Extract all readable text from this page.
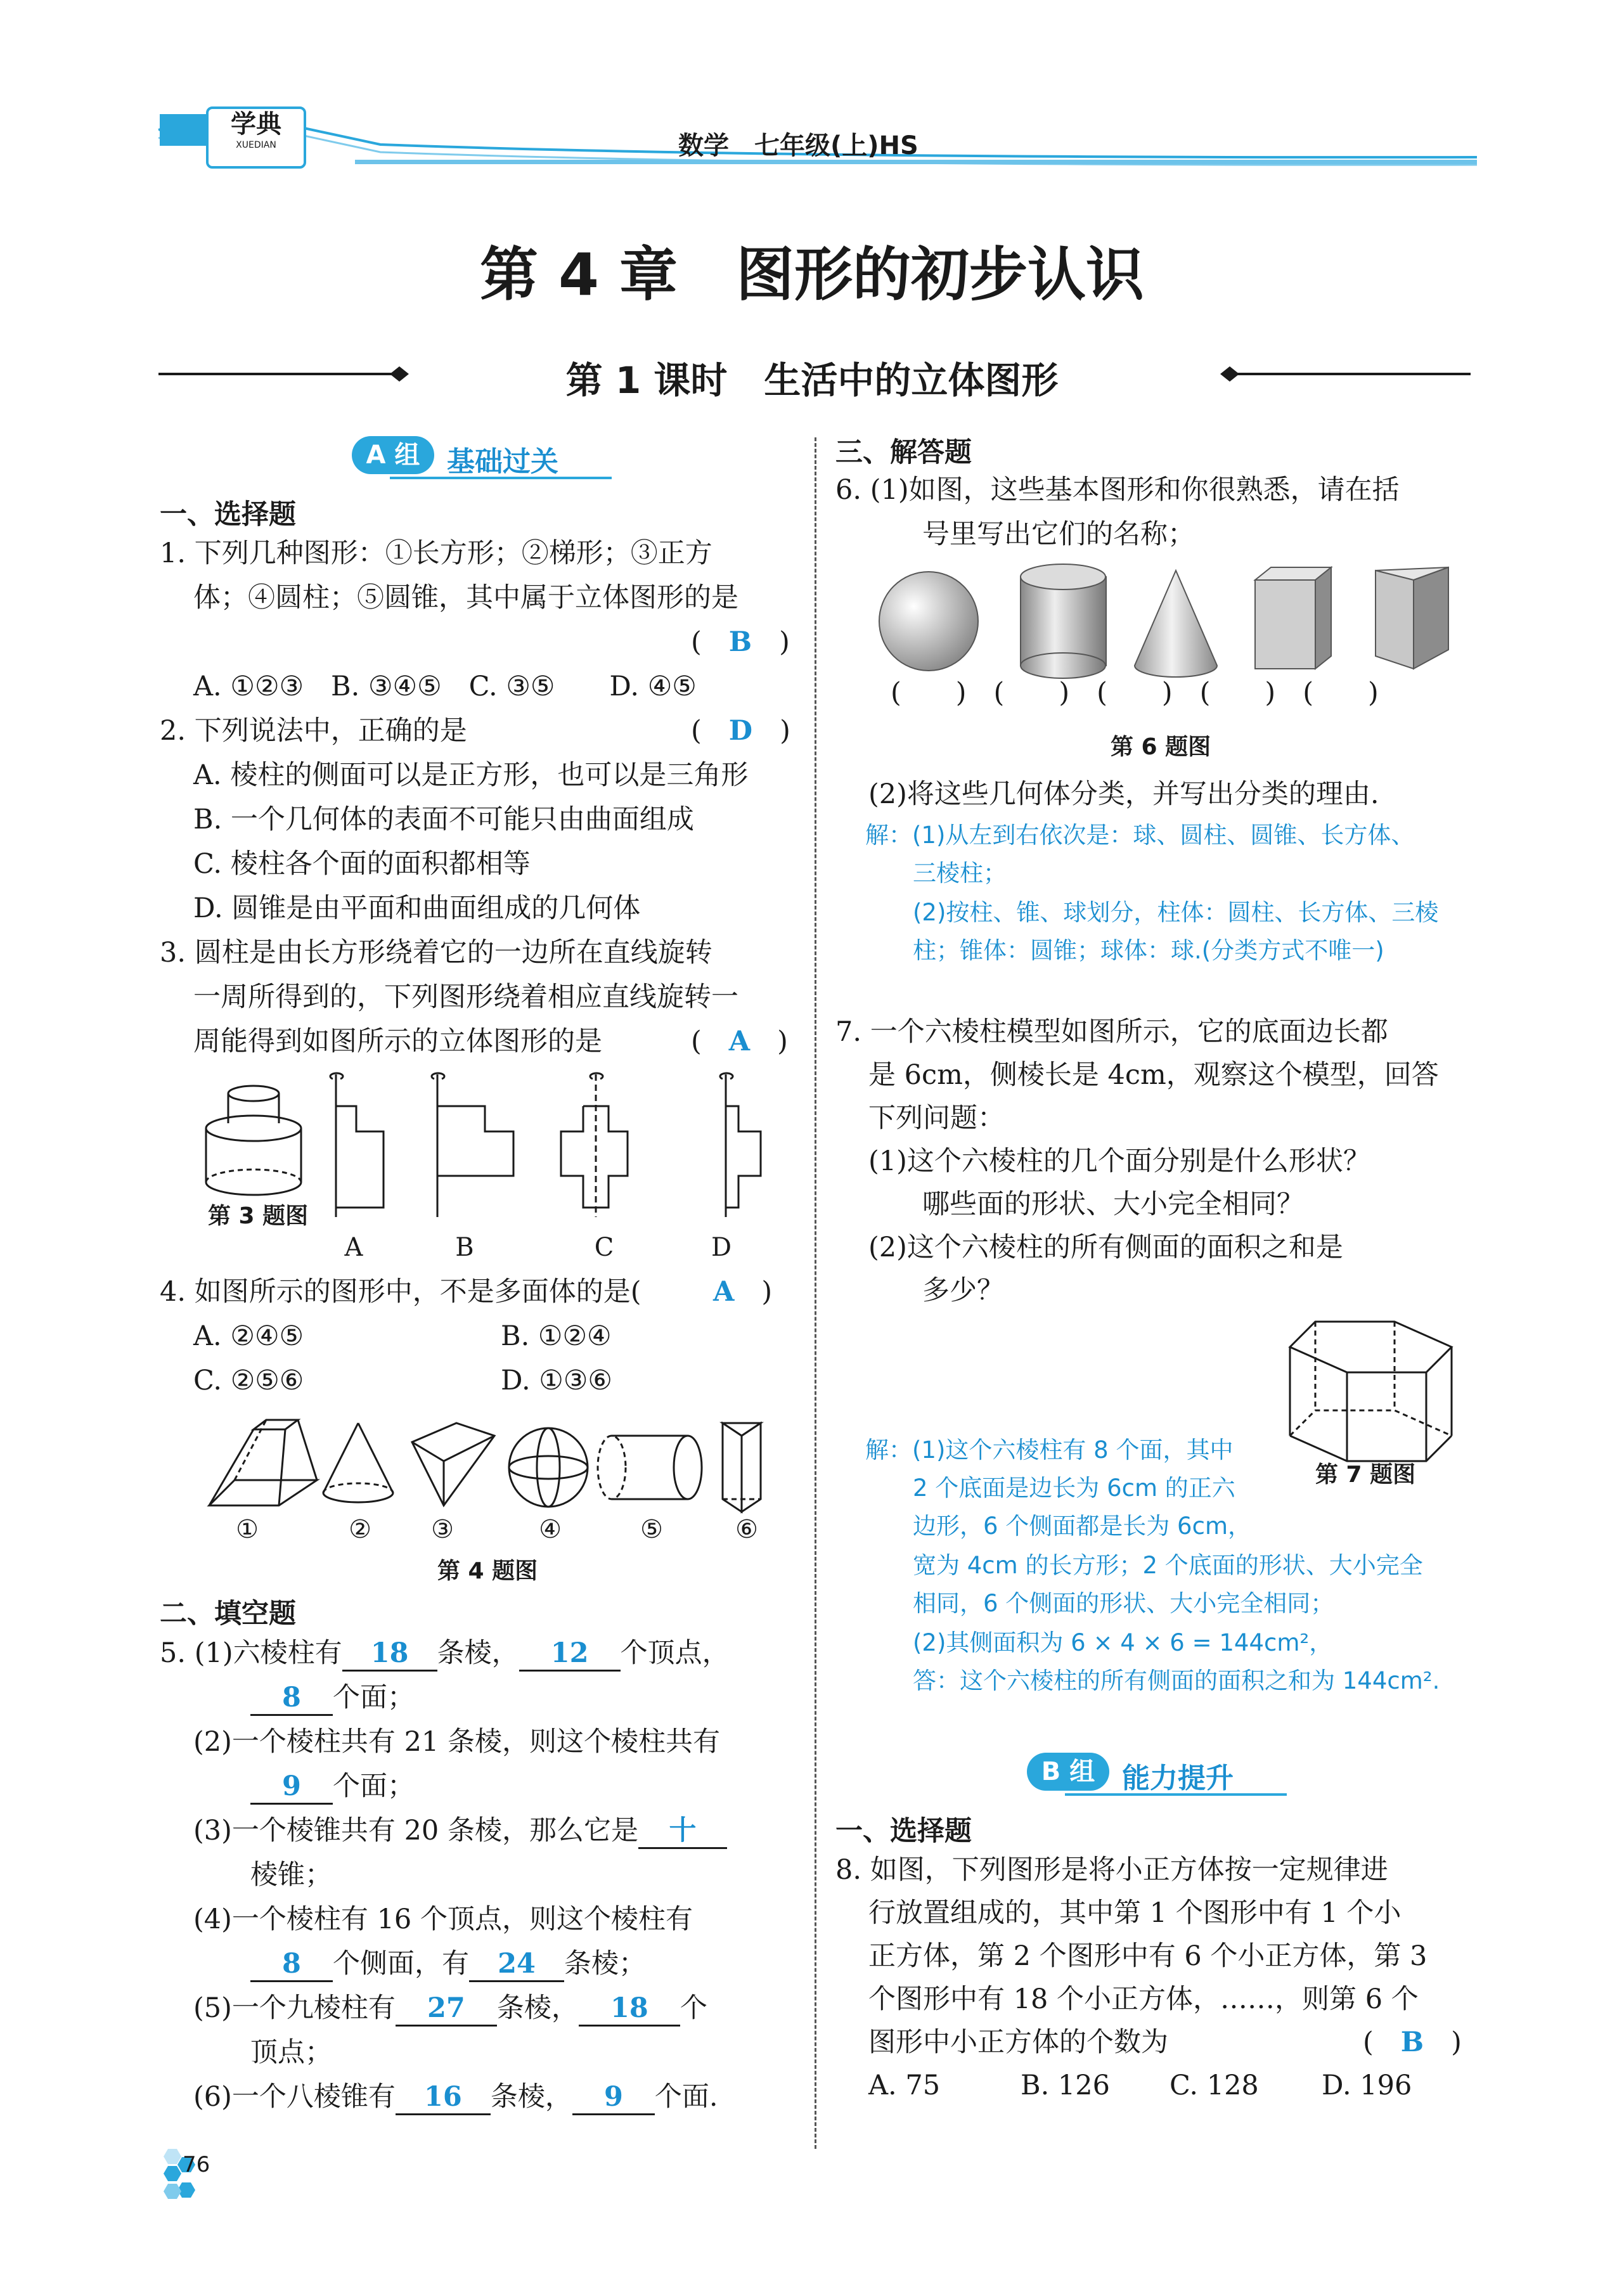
学典
XUEDIAN	数学　七年级(上)HS
第 4 章　图形的初步认识
第 1 课时　生活中的立体图形
A 组 基础过关
一、选择题
1. 下列几种图形：①长方形；②梯形；③正方
体；④圆柱；⑤圆锥，其中属于立体图形的是
(　B　)
A. ①②③　B. ③④⑤　C. ③⑤　　D. ④⑤
2. 下列说法中，正确的是	(　D　)
A. 棱柱的侧面可以是正方形，也可以是三角形
B. 一个几何体的表面不可能只由曲面组成
C. 棱柱各个面的面积都相等
D. 圆锥是由平面和曲面组成的几何体
3. 圆柱是由长方形绕着它的一边所在直线旋转
一周所得到的，下列图形绕着相应直线旋转一
周能得到如图所示的立体图形的是	(　A　)
第 3 题图
A	B	C	D
4. 如图所示的图形中，不是多面体的是(	A　)
A. ②④⑤	B. ①②④
C. ②⑤⑥	D. ①③⑥
①	②	③	④	⑤	⑥
第 4 题图
二、填空题
5. (1)六棱柱有 18 条棱， 12 个顶点，
8 个面；
(2)一个棱柱共有 21 条棱，则这个棱柱共有
9 个面；
(3)一个棱锥共有 20 条棱，那么它是 十
棱锥；
(4)一个棱柱有 16 个顶点，则这个棱柱有
8 个侧面，有 24 条棱；
(5)一个九棱柱有 27 条棱， 18 个
顶点；
(6)一个八棱锥有 16 条棱， 9 个面.
76
三、解答题
6. (1)如图，这些基本图形和你很熟悉，请在括
号里写出它们的名称；
(　　)　(　　)　(　　)　(　　)　(　　)
第 6 题图
(2)将这些几何体分类，并写出分类的理由.
解：(1)从左到右依次是：球、圆柱、圆锥、长方体、
三棱柱；
(2)按柱、锥、球划分，柱体：圆柱、长方体、三棱
柱；锥体：圆锥；球体：球.(分类方式不唯一)
7. 一个六棱柱模型如图所示，它的底面边长都
是 6cm，侧棱长是 4cm，观察这个模型，回答
下列问题：
(1)这个六棱柱的几个面分别是什么形状？
哪些面的形状、大小完全相同？
(2)这个六棱柱的所有侧面的面积之和是
多少？
解：(1)这个六棱柱有 8 个面，其中
第 7 题图
2 个底面是边长为 6cm 的正六
边形，6 个侧面都是长为 6cm，
宽为 4cm 的长方形；2 个底面的形状、大小完全
相同，6 个侧面的形状、大小完全相同；
(2)其侧面积为 6 × 4 × 6 = 144cm²，
答：这个六棱柱的所有侧面的面积之和为 144cm².
B 组 能力提升
一、选择题
8. 如图，下列图形是将小正方体按一定规律进
行放置组成的，其中第 1 个图形中有 1 个小
正方体，第 2 个图形中有 6 个小正方体，第 3
个图形中有 18 个小正方体，……，则第 6 个
图形中小正方体的个数为	(　B　)
A. 75	B. 126 C. 128 D. 196
